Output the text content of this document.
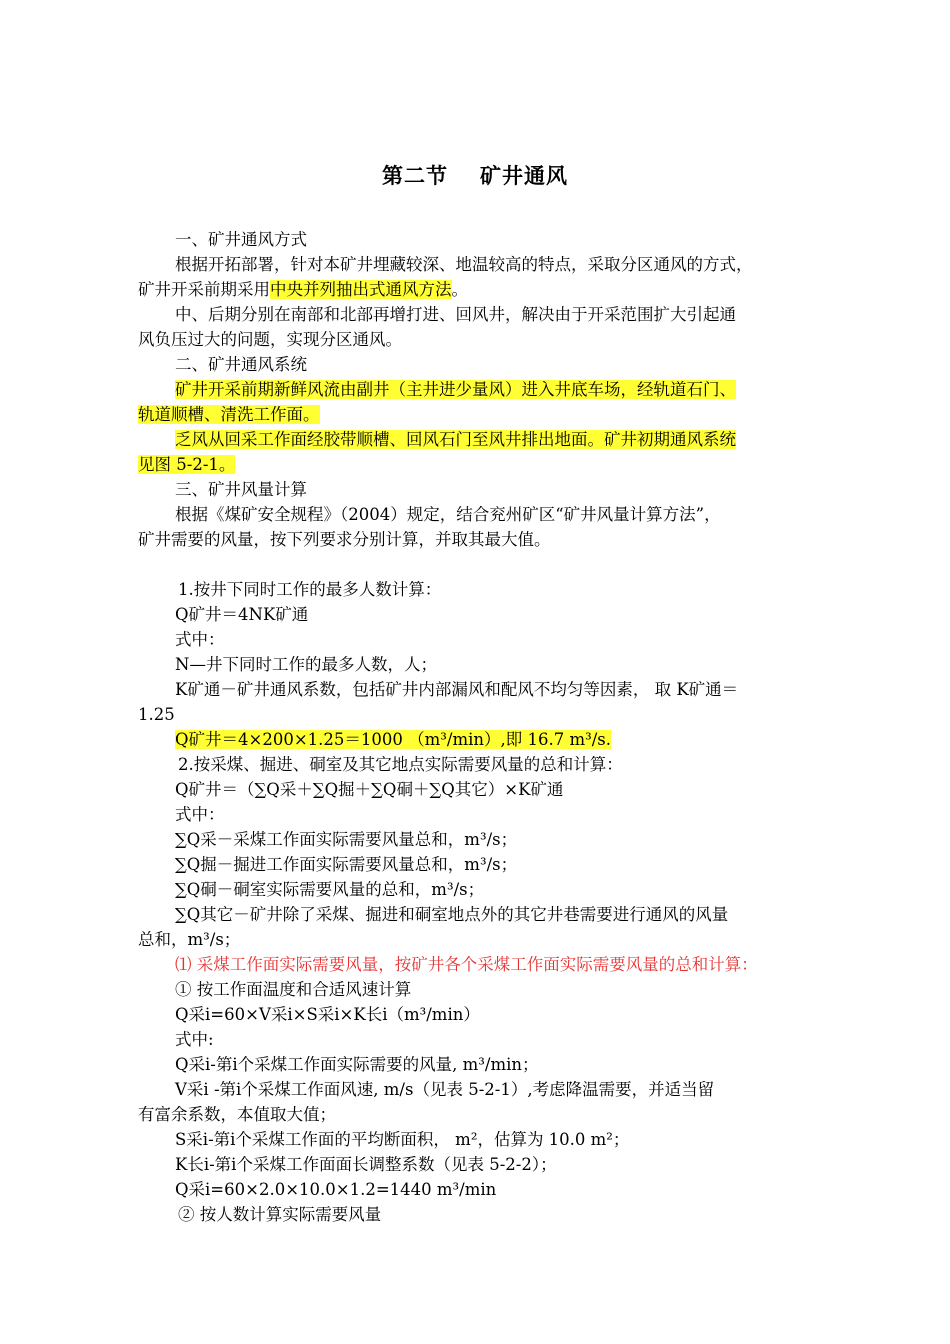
第二节 矿井通风
一、矿井通风方式
根据开拓部署，针对本矿井埋藏较深、地温较高的特点，采取分区通风的方式，
矿井开采前期采用中央并列抽出式通风方法。
中、后期分别在南部和北部再增打进、回风井，解决由于开采范围扩大引起通
风负压过大的问题，实现分区通风。
二、矿井通风系统
矿井开采前期新鲜风流由副井（主井进少量风）进入井底车场，经轨道石门、
轨道顺槽、清洗工作面。
乏风从回采工作面经胶带顺槽、回风石门至风井排出地面。矿井初期通风系统
见图 5-2-1。
三、矿井风量计算
根据《煤矿安全规程》（2004）规定，结合兖州矿区“矿井风量计算方法”，
矿井需要的风量，按下列要求分别计算，并取其最大值。
1.按井下同时工作的最多人数计算：
Q矿井＝4NK矿通
式中：
N—井下同时工作的最多人数，人；
K矿通－矿井通风系数，包括矿井内部漏风和配风不均匀等因素， 取 K矿通＝
1.25
Q矿井＝4×200×1.25＝1000 （m³/min）,即 16.7 m³/s.
2.按采煤、掘进、硐室及其它地点实际需要风量的总和计算：
Q矿井＝（∑Q采＋∑Q掘＋∑Q硐＋∑Q其它）×K矿通
式中：
∑Q采－采煤工作面实际需要风量总和，m³/s；
∑Q掘－掘进工作面实际需要风量总和，m³/s；
∑Q硐－硐室实际需要风量的总和，m³/s；
∑Q其它－矿井除了采煤、掘进和硐室地点外的其它井巷需要进行通风的风量
总和，m³/s；
⑴ 采煤工作面实际需要风量，按矿井各个采煤工作面实际需要风量的总和计算：
① 按工作面温度和合适风速计算
Q采i=60×V采i×S采i×K长i（m³/min）
式中:
Q采i-第i个采煤工作面实际需要的风量, m³/min；
V采i -第i个采煤工作面风速, m/s（见表 5-2-1）,考虑降温需要，并适当留
有富余系数，本值取大值；
S采i-第i个采煤工作面的平均断面积， m²，估算为 10.0 m²；
K长i-第i个采煤工作面面长调整系数（见表 5-2-2）；
Q采i=60×2.0×10.0×1.2=1440 m³/min
② 按人数计算实际需要风量
